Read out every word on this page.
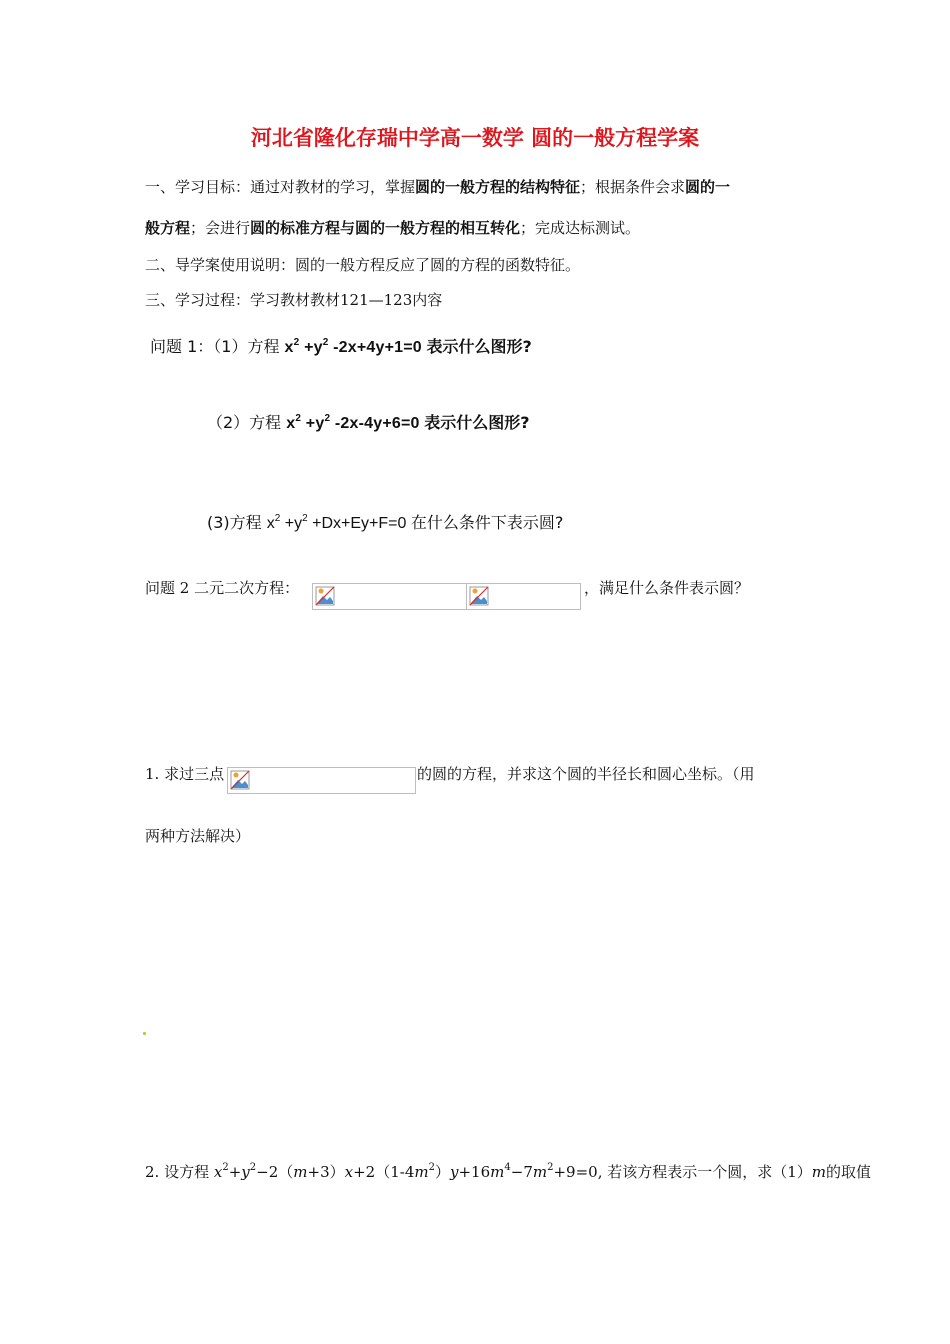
河北省隆化存瑞中学高一数学 圆的一般方程学案
一、学习目标：通过对教材的学习，掌握圆的一般方程的结构特征；根据条件会求圆的一
般方程；会进行圆的标准方程与圆的一般方程的相互转化；完成达标测试。
二、导学案使用说明：圆的一般方程反应了圆的方程的函数特征。
三、学习过程：学习教材教材121—123内容
问题 1：（1）方程 $x^2 +y^2$ -2x+4y+1=0 表示什么图形?
（2）方程 $x^2 +y^2$ -2x-4y+6=0 表示什么图形?
(3)方程 $x^2 +y^2 +Dx+Ey+F=0$ 在什么条件下表示圆?
问题 2 二元二次方程：	，满足什么条件表示圆？
1. 求过三点	的圆的方程，并求这个圆的半径长和圆心坐标。（用
两种方法解决）
2. 设方程 $x^2+y^2-2(m+3)x+2(1-4m^2)y+16m^4-7m^2+9=0$, 若该方程表示一个圆，求（1）m的取值
